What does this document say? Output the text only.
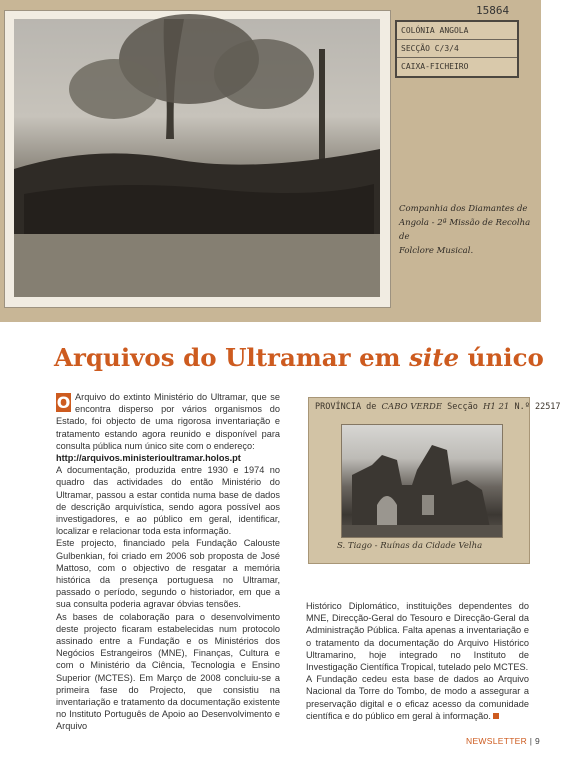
15864
COLÓNIA ANGOLA
SECÇÃO C/3/4
CAIXA-FICHEIRO
Companhia dos Diamantes de
Angola - 2ª Missão de Recolha de
Folclore Musical.
Arquivos do Ultramar em site único

O Arquivo do extinto Ministério do Ultramar, que se encontra disperso por vários organismos do Estado, foi objecto de uma rigorosa inventariação e tratamento estando agora reunido e disponível para consulta pública num único site com o endereço:

http://arquivos.ministerioultramar.holos.pt

A documentação, produzida entre 1930 e 1974 no quadro das actividades do então Ministério do Ultramar, passou a estar contida numa base de dados de descrição arquivística, sendo agora possível aos investigadores, e ao público em geral, identificar, localizar e relacionar toda esta informação.

Este projecto, financiado pela Fundação Calouste Gulbenkian, foi criado em 2006 sob proposta de José Mattoso, com o objectivo de resgatar a memória histórica da presença portuguesa no Ultramar, passado o período, segundo o historiador, em que a sua consulta poderia agravar óbvias tensões.

As bases de colaboração para o desenvolvimento deste projecto ficaram estabelecidas num protocolo assinado entre a Fundação e os Ministérios dos Negócios Estrangeiros (MNE), Finanças, Cultura e com o Ministério da Ciência, Tecnologia e Ensino Superior (MCTES). Em Março de 2008 concluiu-se a primeira fase do Projecto, que consistiu na inventariação e tratamento da documentação existente no Instituto Português de Apoio ao Desenvolvimento e Arquivo

PROVÍNCIA de CABO VERDE Secção H1 21 N.º 22517
S. Tiago - Ruínas da Cidade Velha

Histórico Diplomático, instituições dependentes do MNE, Direcção-Geral do Tesouro e Direcção-Geral da Administração Pública. Falta apenas a inventariação e o tratamento da documentação do Arquivo Histórico Ultramarino, hoje integrado no Instituto de Investigação Científica Tropical, tutelado pelo MCTES.

A Fundação cedeu esta base de dados ao Arquivo Nacional da Torre do Tombo, de modo a assegurar a preservação digital e o eficaz acesso da comunidade científica e do público em geral à informação.

NEWSLETTER | 9
